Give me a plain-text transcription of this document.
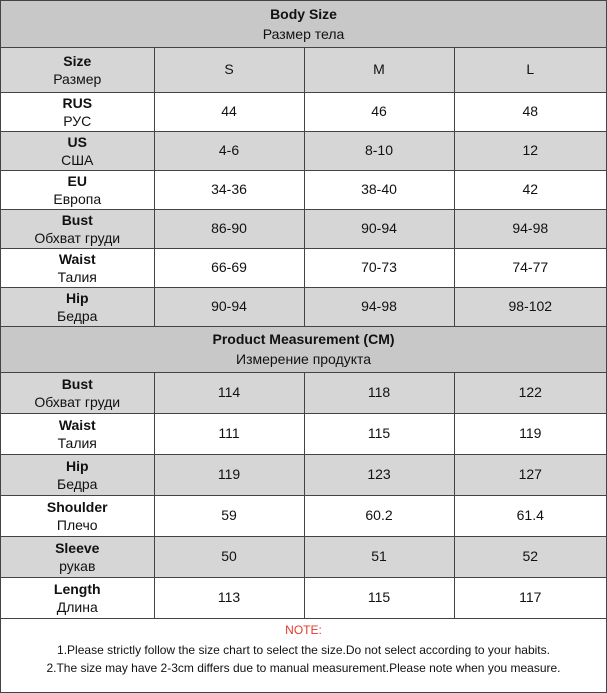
Body Size
Размер тела			

Size
Размер	S	M	L

RUS
РУС	44	46	48

US
США	4-6	8-10	12

EU
Европа	34-36	38-40	42

Bust
Обхват груди	86-90	90-94	94-98

Waist
Талия	66-69	70-73	74-77

Hip
Бедра	90-94	94-98	98-102

Product Measurement (CM)
Измерение продукта			

Bust
Обхват груди	114	118	122

Waist
Талия	111	115	119

Hip
Бедра	119	123	127

Shoulder
Плечо	59	60.2	61.4

Sleeve
рукав	50	51	52

Length
Длина	113	115	117
NOTE:
1.Please strictly follow the size chart to select the size.Do not select according to your habits.
2.The size may have 2-3cm differs due to manual measurement.Please note when you measure.
